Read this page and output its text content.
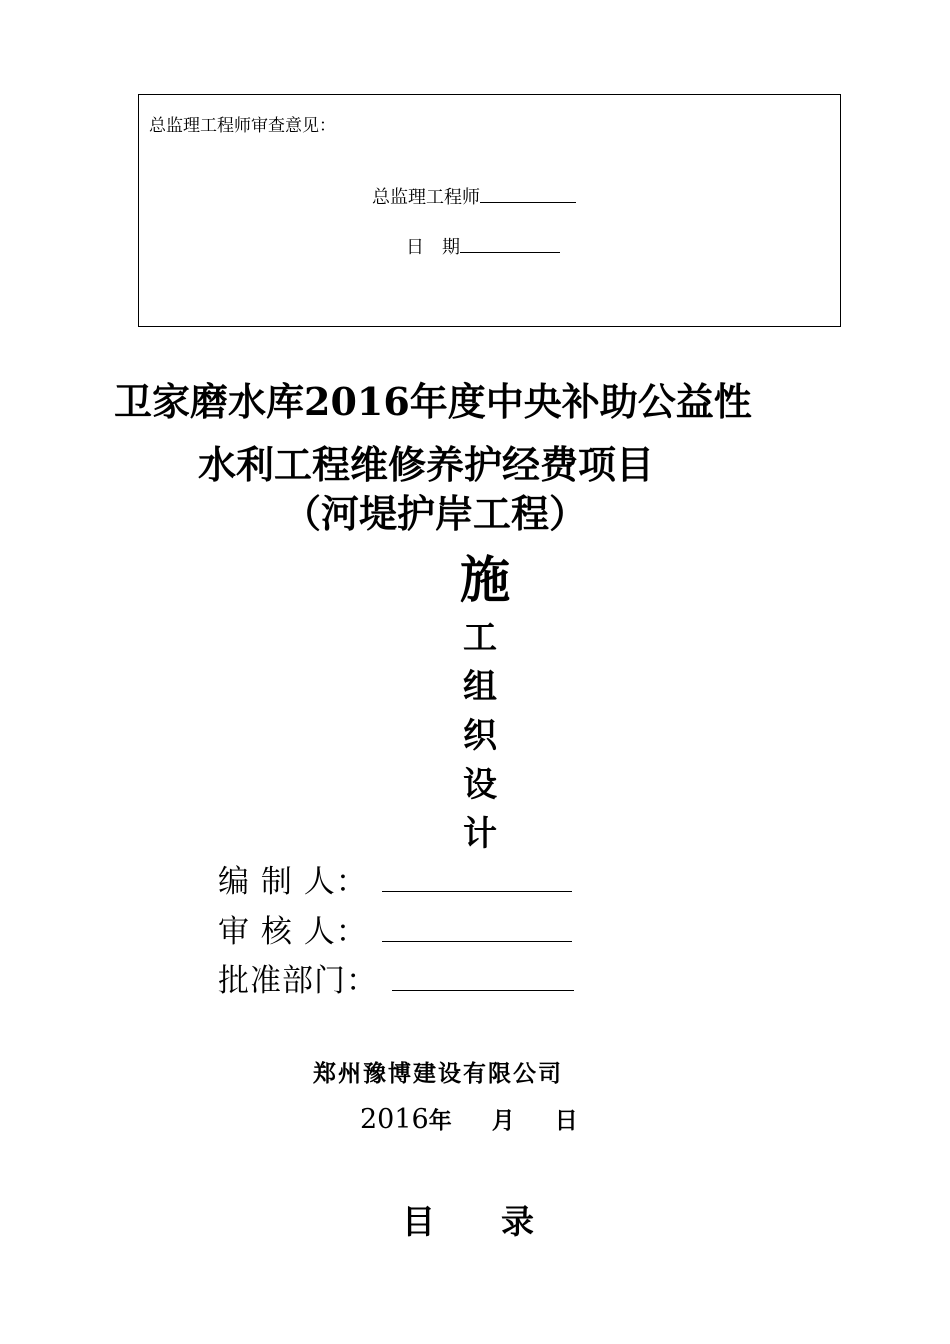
总监理工程师审查意见：
总监理工程师
日　期
卫家磨水库2016年度中央补助公益性
水利工程维修养护经费项目
（河堤护岸工程）
施
工
组
织
设
计
编 制 人：
审 核 人：
批准部门：
郑州豫博建设有限公司
2016年 月 日
目　　录
